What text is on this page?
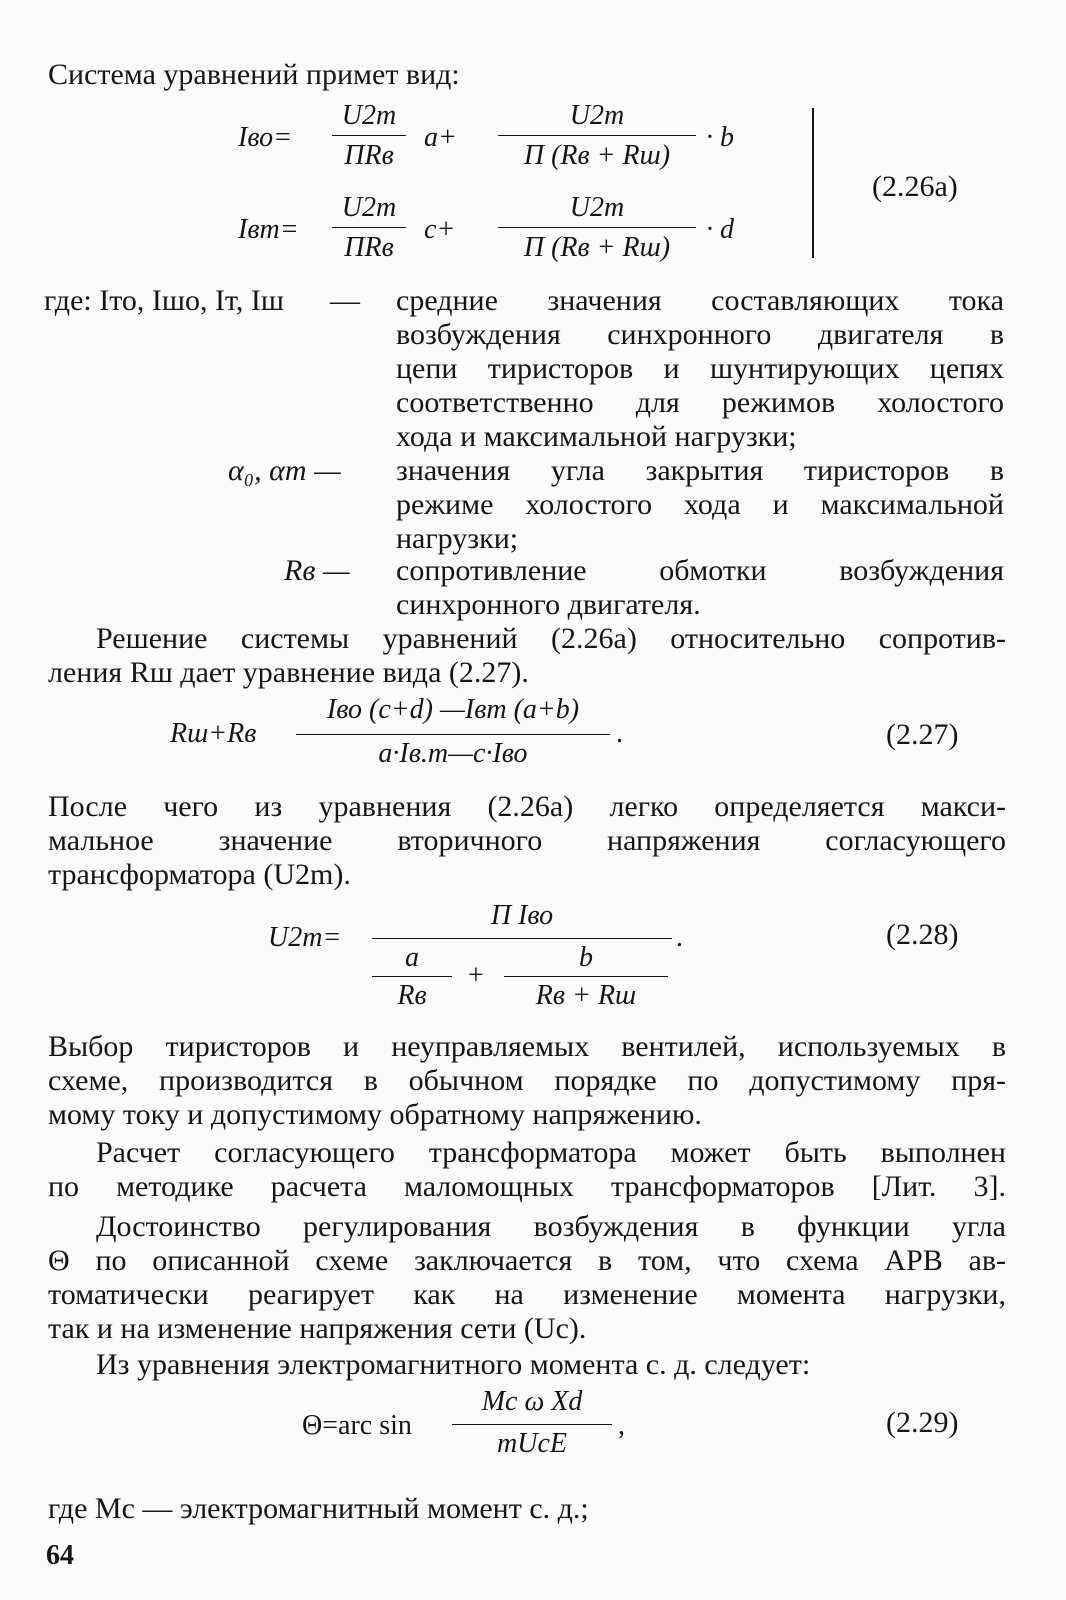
Система уравнений примет вид:
Iво=
U2m
ПRв
a+
U2m
П (Rв + Rш)
· b
Iвm=
U2m
ПRв
c+
U2m
П (Rв + Rш)
· d
(2.26а)
где: Iто, Iшо, Iт, Iш — средние значения составляющих тока
возбуждения синхронного двигателя в
цепи тиристоров и шунтирующих цепях
соответственно для режимов холостого
хода и максимальной нагрузки;
α₀, αm — значения угла закрытия тиристоров в
режиме холостого хода и максимальной
нагрузки;
Rв — сопротивление обмотки возбуждения
синхронного двигателя.
Решение системы уравнений (2.26а) относительно сопротив-
ления Rш дает уравнение вида (2.27).
Rш+Rв
Iво (c+d) —Iвm (a+b)
a·Iв.m—c·Iво
.	(2.27)
После чего из уравнения (2.26а) легко определяется макси-
мальное значение вторичного напряжения согласующего
трансформатора (U2m).
U2m=
П Iво
a
Rв
+
b
Rв + Rш
.	(2.28)
Выбор тиристоров и неуправляемых вентилей, используемых в
схеме, производится в обычном порядке по допустимому пря-
мому току и допустимому обратному напряжению.
Расчет согласующего трансформатора может быть выполнен
по методике расчета маломощных трансформаторов [Лит. 3].
Достоинство регулирования возбуждения в функции угла
Θ по описанной схеме заключается в том, что схема АРВ ав-
томатически реагирует как на изменение момента нагрузки,
так и на изменение напряжения сети (Uc).
Из уравнения электромагнитного момента с. д. следует:
Θ=arc sin
Mc ω Xd
mUcE
,	(2.29)
где Mc — электромагнитный момент с. д.;
64
